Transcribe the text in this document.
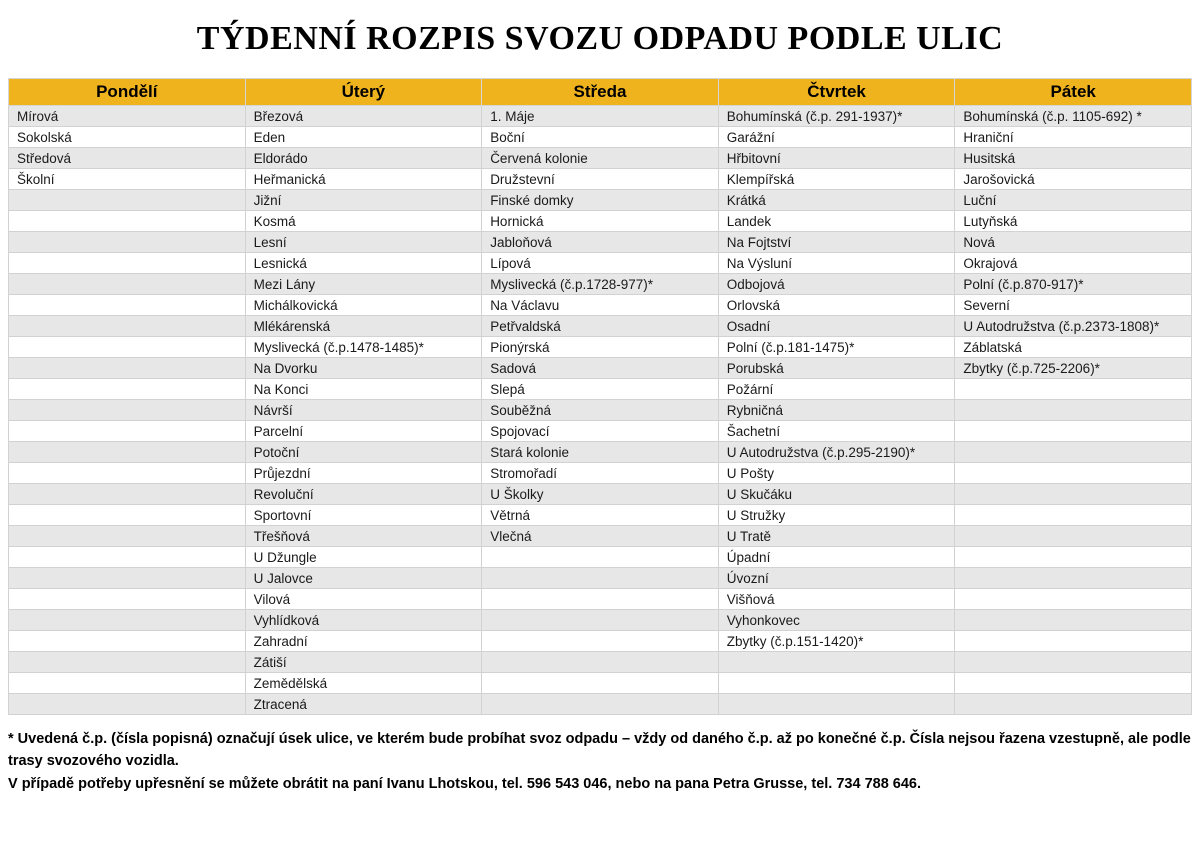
TÝDENNÍ ROZPIS SVOZU ODPADU PODLE ULIC
Pondělí	Úterý	Středa	Čtvrtek	Pátek
Mírová	Březová	1. Máje	Bohumínská (č.p. 291-1937)*	Bohumínská (č.p. 1105-692) *
Sokolská	Eden	Boční	Garážní	Hraniční
Středová	Eldorádo	Červená kolonie	Hřbitovní	Husitská
Školní	Heřmanická	Družstevní	Klempířská	Jarošovická
	Jižní	Finské domky	Krátká	Luční
	Kosmá	Hornická	Landek	Lutyňská
	Lesní	Jabloňová	Na Fojtství	Nová
	Lesnická	Lípová	Na Výsluní	Okrajová
	Mezi Lány	Myslivecká (č.p.1728-977)*	Odbojová	Polní (č.p.870-917)*
	Michálkovická	Na Václavu	Orlovská	Severní
	Mlékárenská	Petřvaldská	Osadní	U Autodružstva (č.p.2373-1808)*
	Myslivecká (č.p.1478-1485)*	Pionýrská	Polní (č.p.181-1475)*	Záblatská
	Na Dvorku	Sadová	Porubská	Zbytky (č.p.725-2206)*
	Na Konci	Slepá	Požární	
	Návrší	Souběžná	Rybničná	
	Parcelní	Spojovací	Šachetní	
	Potoční	Stará kolonie	U Autodružstva (č.p.295-2190)*	
	Průjezdní	Stromořadí	U Pošty	
	Revoluční	U Školky	U Skučáku	
	Sportovní	Větrná	U Stružky	
	Třešňová	Vlečná	U Tratě	
	U Džungle		Úpadní	
	U Jalovce		Úvozní	
	Vilová		Višňová	
	Vyhlídková		Vyhonkovec	
	Zahradní		Zbytky (č.p.151-1420)*	
	Zátiší			
	Zemědělská			
	Ztracená			

* Uvedená č.p. (čísla popisná) označují úsek ulice, ve kterém bude probíhat svoz odpadu – vždy od daného č.p. až po konečné č.p. Čísla nejsou řazena vzestupně, ale podle trasy svozového vozidla.

V případě potřeby upřesnění se můžete obrátit na paní Ivanu Lhotskou, tel. 596 543 046, nebo na pana Petra Grusse, tel. 734 788 646.
